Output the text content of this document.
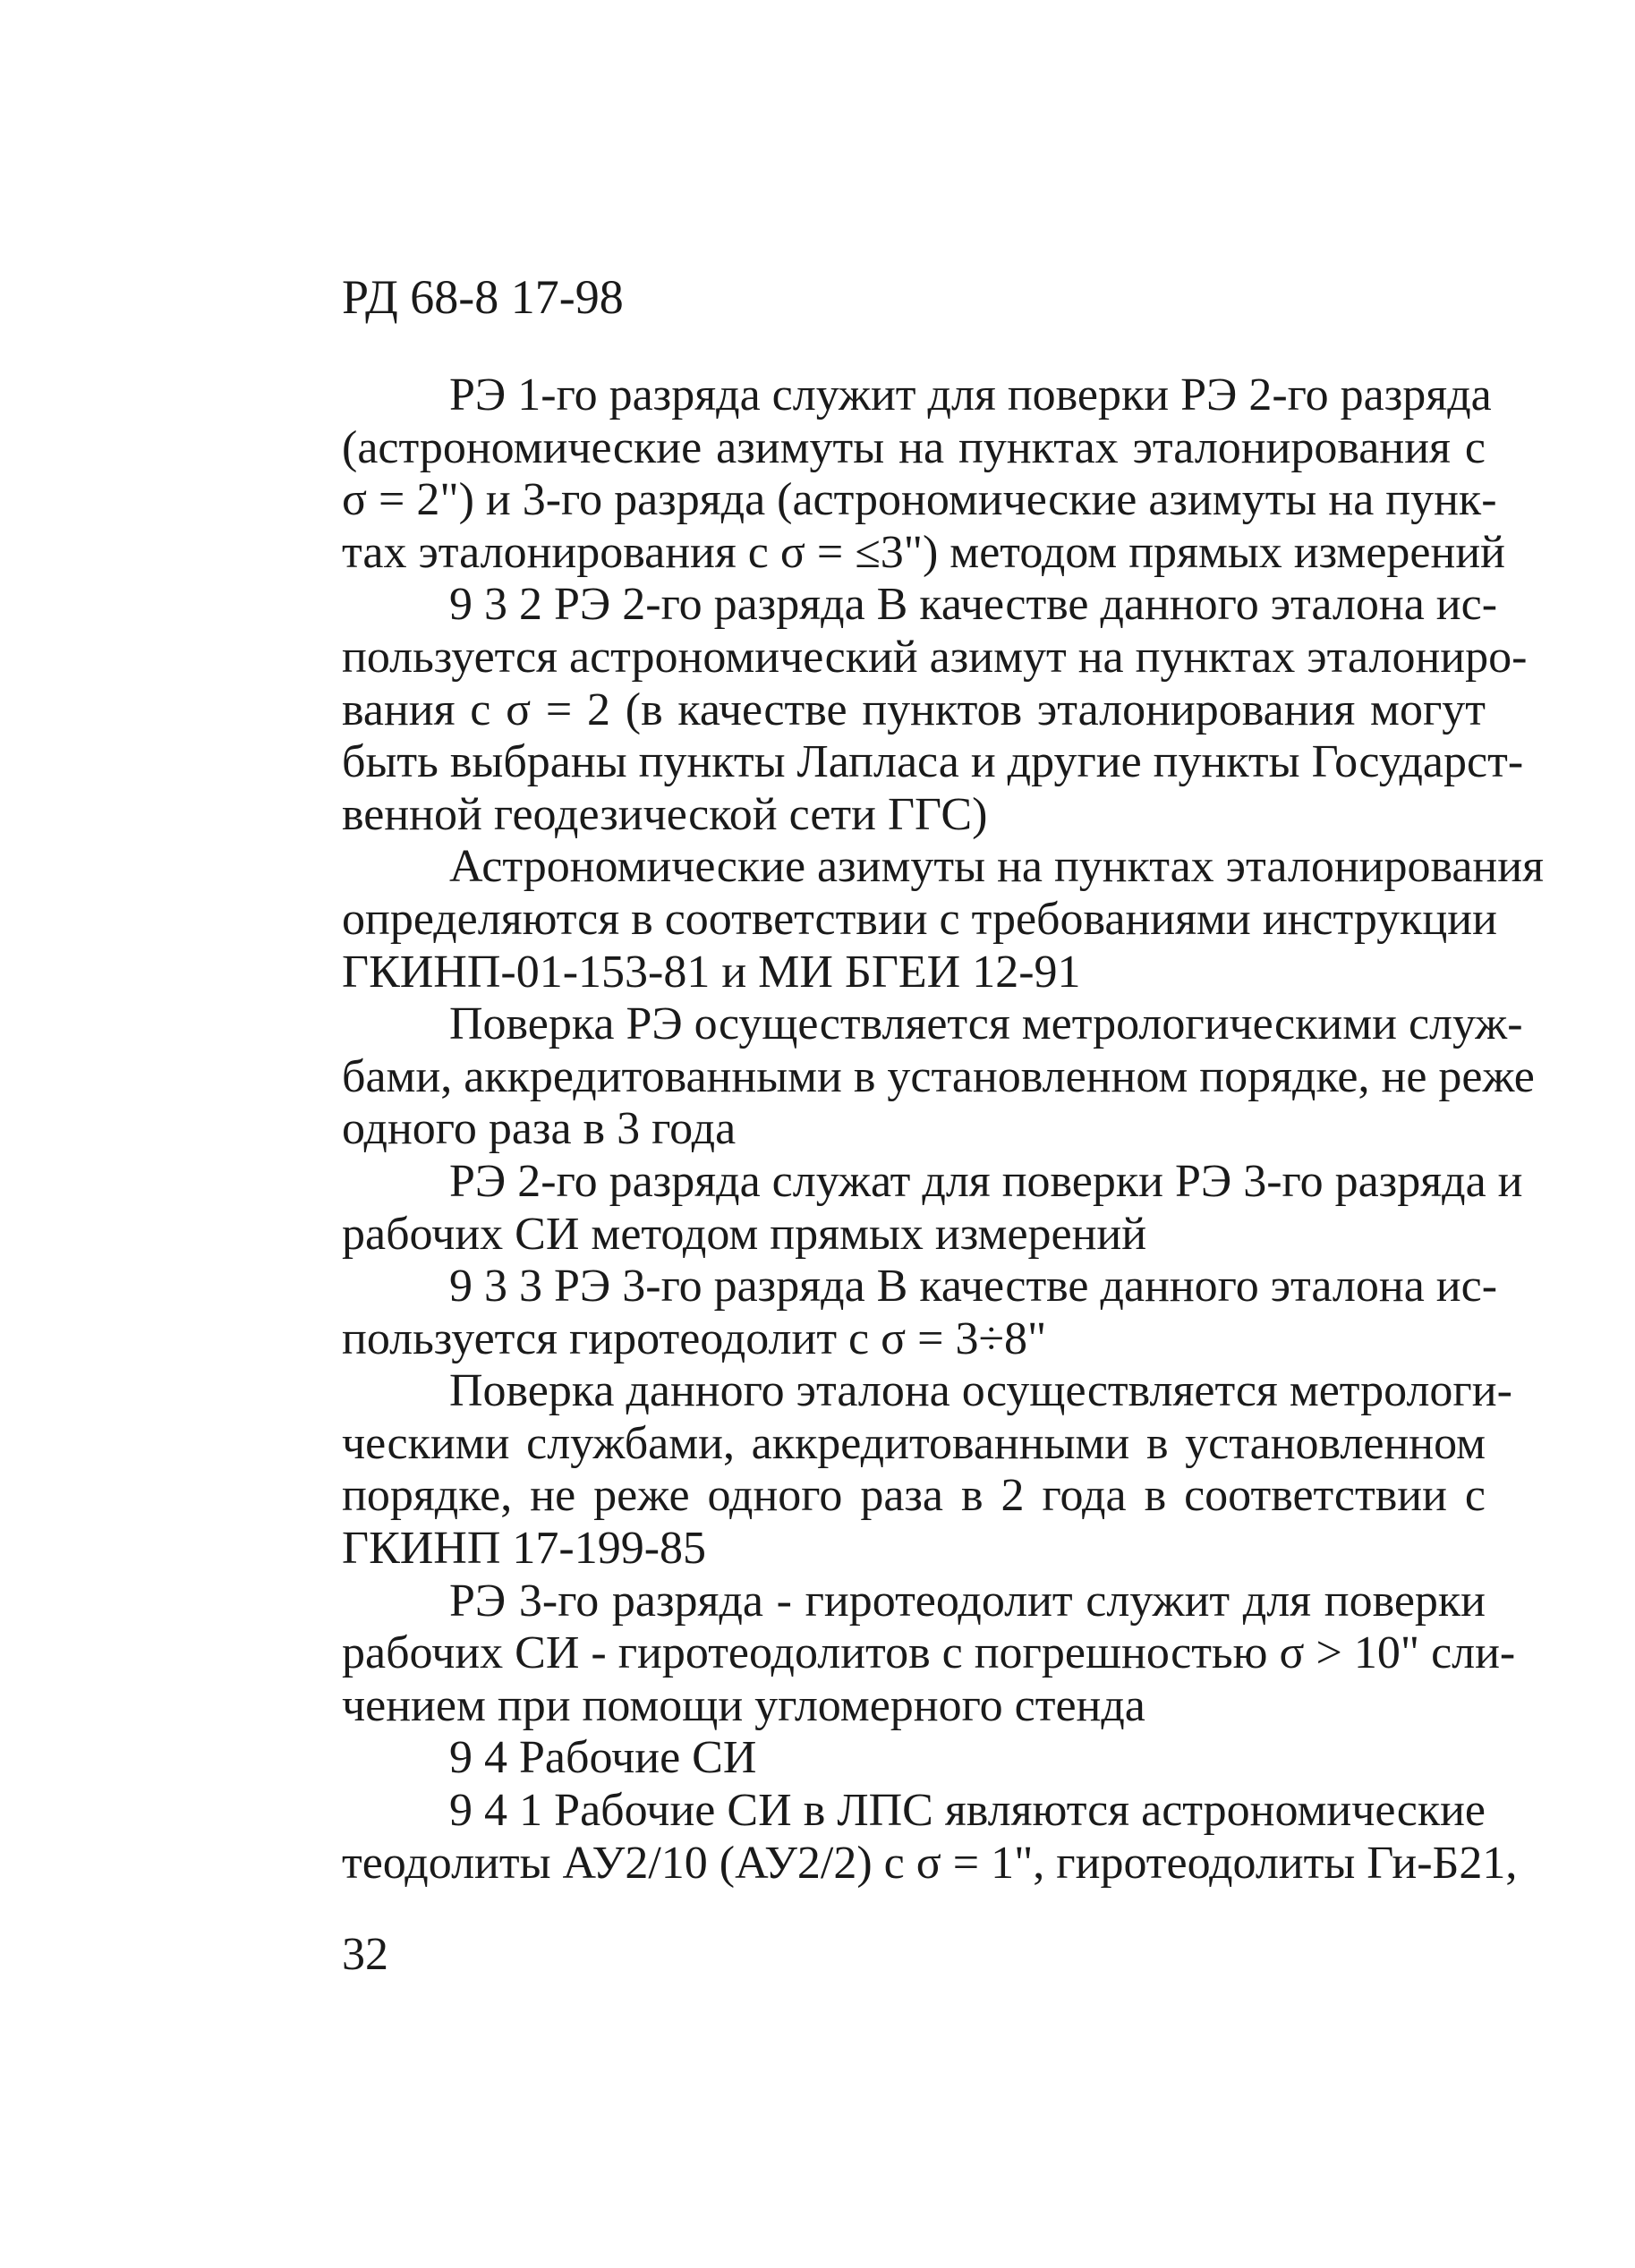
РД 68-8 17-98
РЭ 1-го разряда служит для поверки РЭ 2-го разряда
(астрономические азимуты на пунктах эталонирования с
σ = 2") и 3-го разряда (астрономические азимуты на пунк-
тах эталонирования с σ = ≤3") методом прямых измерений
9 3 2 РЭ 2-го разряда В качестве данного эталона ис-
пользуется астрономический азимут на пунктах эталониро-
вания с σ = 2 (в качестве пунктов эталонирования могут
быть выбраны пункты Лапласа и другие пункты Государст-
венной геодезической сети ГГС)
Астрономические азимуты на пунктах эталонирования
определяются в соответствии с требованиями инструкции
ГКИНП-01-153-81 и МИ БГЕИ 12-91
Поверка РЭ осуществляется метрологическими служ-
бами, аккредитованными в установленном порядке, не реже
одного раза в 3 года
РЭ 2-го разряда служат для поверки РЭ 3-го разряда и
рабочих СИ методом прямых измерений
9 3 3 РЭ 3-го разряда В качестве данного эталона ис-
пользуется гиротеодолит с σ = 3÷8"
Поверка данного эталона осуществляется метрологи-
ческими службами, аккредитованными в установленном
порядке, не реже одного раза в 2 года в соответствии с
ГКИНП 17-199-85
РЭ 3-го разряда - гиротеодолит служит для поверки
рабочих СИ - гиротеодолитов с погрешностью σ > 10" сли-
чением при помощи угломерного стенда
9 4 Рабочие СИ
9 4 1 Рабочие СИ в ЛПС являются астрономические
теодолиты АУ2/10 (АУ2/2) с σ = 1", гиротеодолиты Ги-Б21,
32
